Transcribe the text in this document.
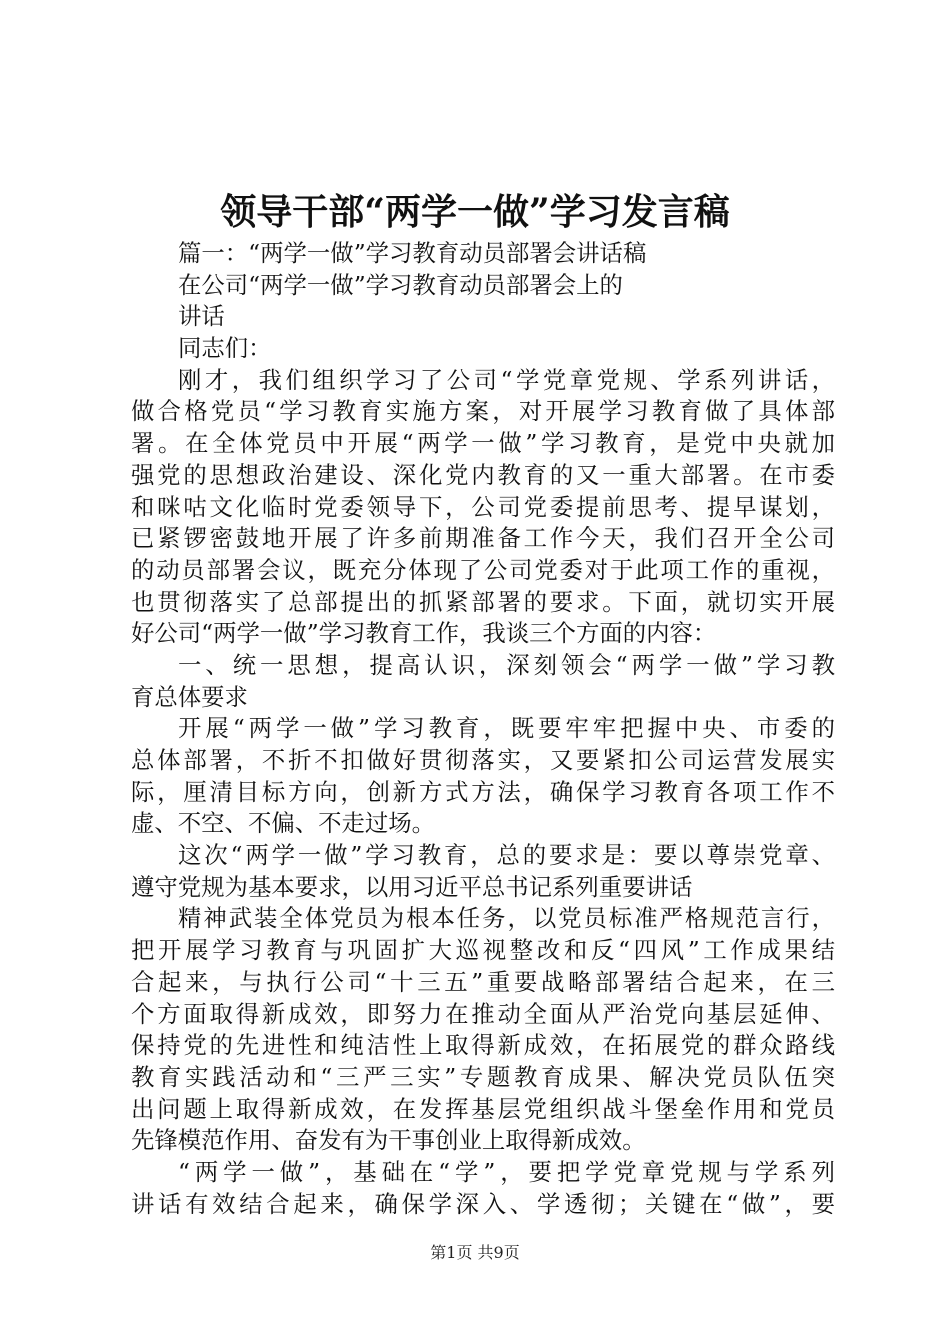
领导干部“两学一做”学习发言稿
篇一：“两学一做”学习教育动员部署会讲话稿
在公司“两学一做”学习教育动员部署会上的
讲话
同志们：
刚才，我们组织学习了公司“学党章党规、学系列讲话，
做合格党员“学习教育实施方案，对开展学习教育做了具体部
署。在全体党员中开展“两学一做”学习教育，是党中央就加
强党的思想政治建设、深化党内教育的又一重大部署。在市委
和咪咕文化临时党委领导下，公司党委提前思考、提早谋划，
已紧锣密鼓地开展了许多前期准备工作今天，我们召开全公司
的动员部署会议，既充分体现了公司党委对于此项工作的重视，
也贯彻落实了总部提出的抓紧部署的要求。下面，就切实开展
好公司“两学一做”学习教育工作，我谈三个方面的内容：
一、统一思想，提高认识，深刻领会“两学一做”学习教
育总体要求
开展“两学一做”学习教育，既要牢牢把握中央、市委的
总体部署，不折不扣做好贯彻落实，又要紧扣公司运营发展实
际，厘清目标方向，创新方式方法，确保学习教育各项工作不
虚、不空、不偏、不走过场。
这次“两学一做”学习教育，总的要求是：要以尊崇党章、
遵守党规为基本要求，以用习近平总书记系列重要讲话
精神武装全体党员为根本任务，以党员标准严格规范言行，
把开展学习教育与巩固扩大巡视整改和反“四风”工作成果结
合起来，与执行公司“十三五”重要战略部署结合起来，在三
个方面取得新成效，即努力在推动全面从严治党向基层延伸、
保持党的先进性和纯洁性上取得新成效，在拓展党的群众路线
教育实践活动和“三严三实”专题教育成果、解决党员队伍突
出问题上取得新成效，在发挥基层党组织战斗堡垒作用和党员
先锋模范作用、奋发有为干事创业上取得新成效。
“两学一做”，基础在“学”，要把学党章党规与学系列
讲话有效结合起来，确保学深入、学透彻；关键在“做”，要
第1页 共9页
